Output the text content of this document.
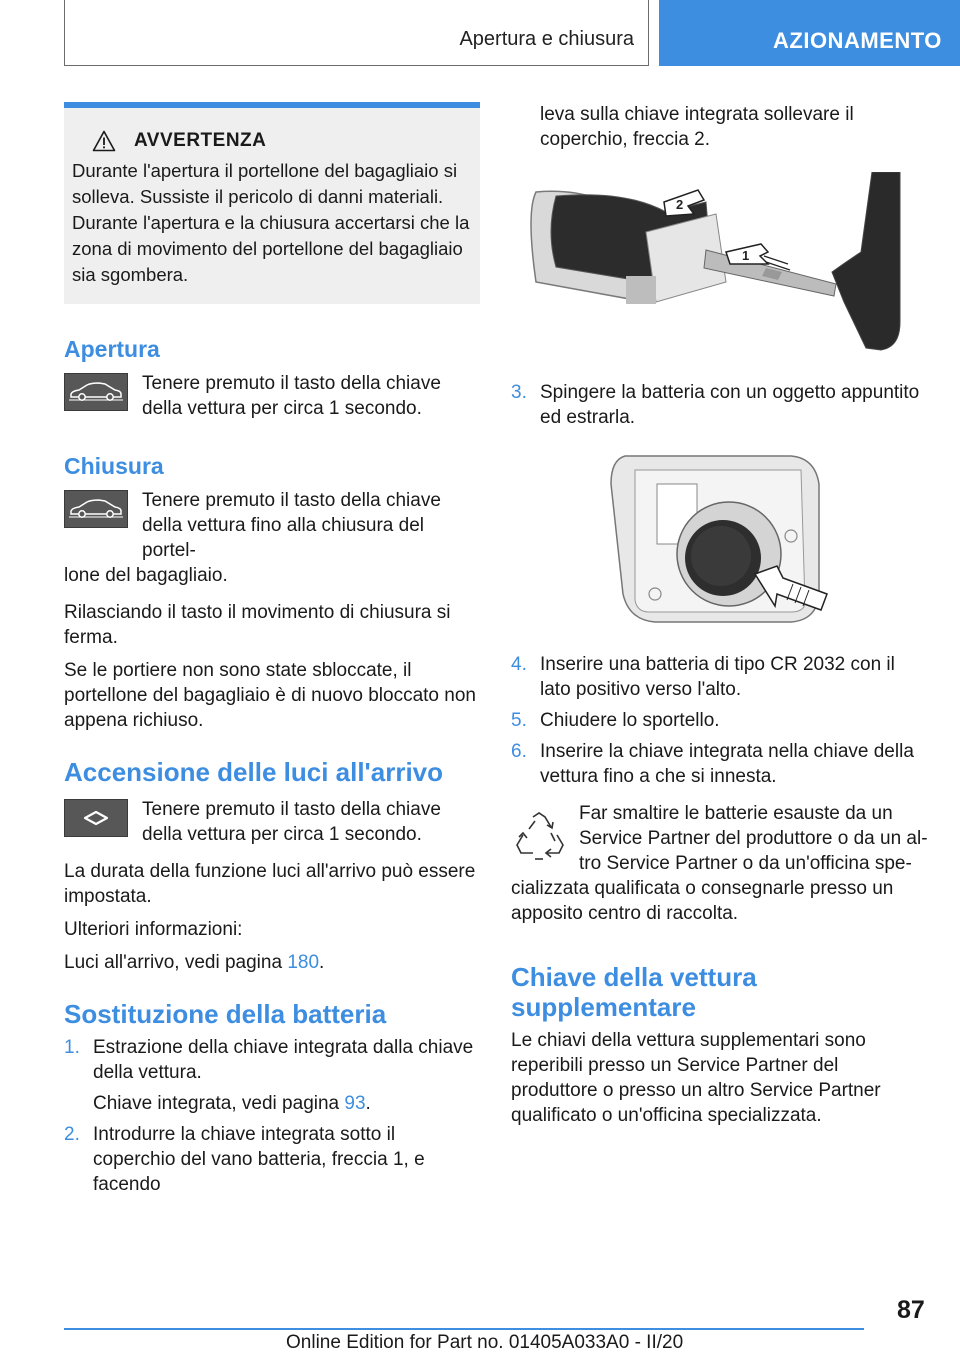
Apertura e chiusura	AZIONAMENTO
AVVERTENZA

Durante l'apertura il portellone del bagagliaio si solleva. Sussiste il pericolo di danni materiali. Durante l'apertura e la chiusura accertarsi che la zona di movimento del portellone del bagagliaio sia sgombera.

Apertura
Tenere premuto il tasto della chiave
della vettura per circa 1 secondo.
Chiusura
Tenere premuto il tasto della chiave
della vettura fino alla chiusura del portel-
lone del bagagliaio.

Rilasciando il tasto il movimento di chiusura si ferma.

Se le portiere non sono state sbloccate, il portellone del bagagliaio è di nuovo bloccato non appena richiuso.

Accensione delle luci all'arrivo
Tenere premuto il tasto della chiave
della vettura per circa 1 secondo.

La durata della funzione luci all'arrivo può essere impostata.

Ulteriori informazioni:

Luci all'arrivo, vedi pagina 180.

Sostituzione della batteria
1. Estrazione della chiave integrata dalla chiave della vettura.
Chiave integrata, vedi pagina 93.
2. Introdurre la chiave integrata sotto il coperchio del vano batteria, freccia 1, e facendo

leva sulla chiave integrata sollevare il coperchio, freccia 2.

2
1
3. Spingere la batteria con un oggetto appuntito ed estrarla.
4. Inserire una batteria di tipo CR 2032 con il lato positivo verso l'alto.
5. Chiudere lo sportello.
6. Inserire la chiave integrata nella chiave della vettura fino a che si innesta.
Far smaltire le batterie esauste da un
Service Partner del produttore o da un al-
tro Service Partner o da un'officina spe-
cializzata qualificata o consegnarle presso un apposito centro di raccolta.
Chiave della vettura supplementare

Le chiavi della vettura supplementari sono reperibili presso un Service Partner del produttore o presso un altro Service Partner qualificato o un'officina specializzata.

87
Online Edition for Part no. 01405A033A0 - II/20
